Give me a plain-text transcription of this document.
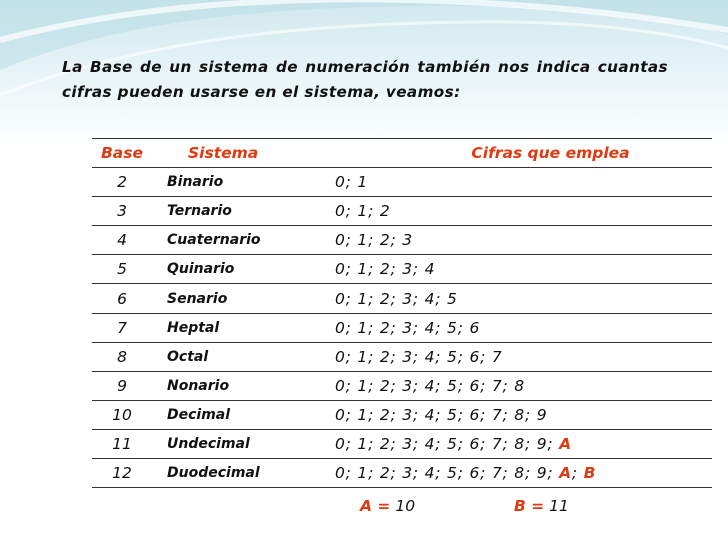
La Base de un sistema de numeración también nos indica cuantas cifras pueden usarse en el sistema, veamos:
Base	Sistema	Cifras que emplea
2	Binario	0; 1
3	Ternario	0; 1; 2
4	Cuaternario	0; 1; 2; 3
5	Quinario	0; 1; 2; 3; 4
6	Senario	0; 1; 2; 3; 4; 5
7	Heptal	0; 1; 2; 3; 4; 5; 6
8	Octal	0; 1; 2; 3; 4; 5; 6; 7
9	Nonario	0; 1; 2; 3; 4; 5; 6; 7; 8
10	Decimal	0; 1; 2; 3; 4; 5; 6; 7; 8; 9
11	Undecimal	0; 1; 2; 3; 4; 5; 6; 7; 8; 9; A
12	Duodecimal	0; 1; 2; 3; 4; 5; 6; 7; 8; 9; A; B
A = 10	B = 11
